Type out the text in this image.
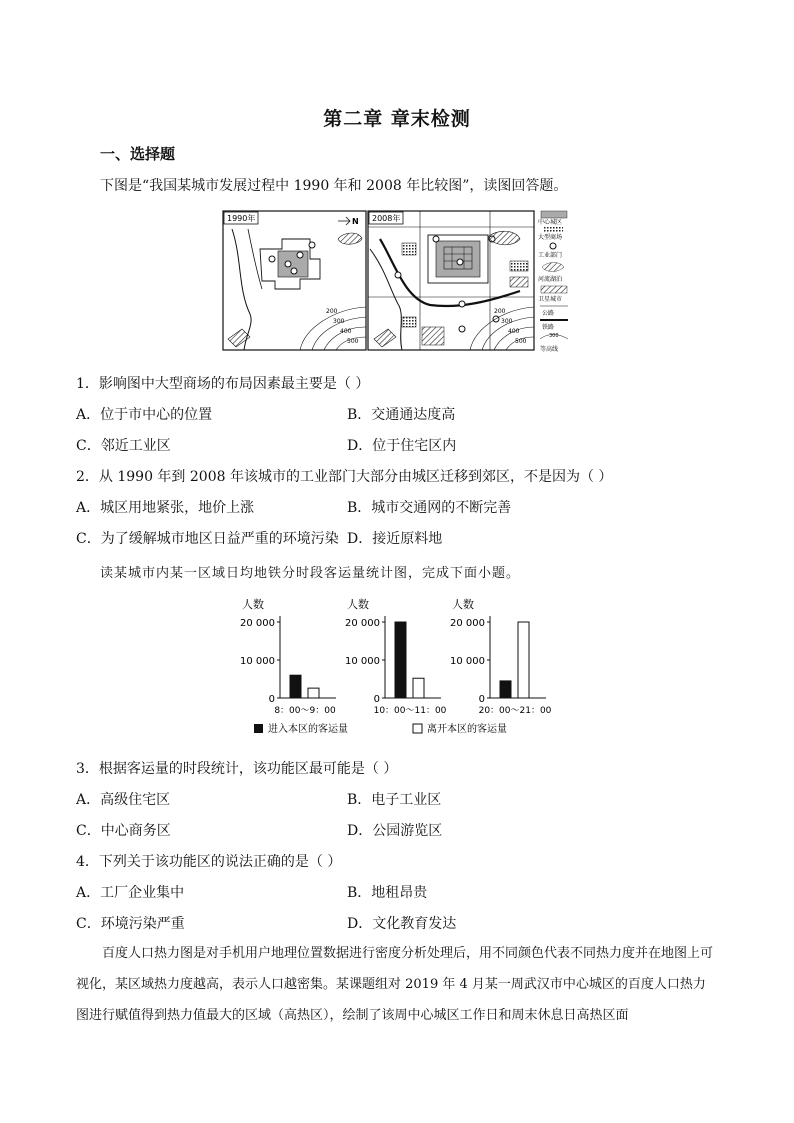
第二章 章末检测
一、选择题
下图是“我国某城市发展过程中 1990 年和 2008 年比较图”，读图回答题。
1990年	N
200
300
400
500
2008年
200
300
400
500
中心城区
大型商场
工业部门
河流湖泊
卫星城市
公路
铁路
300
等高线
1．影响图中大型商场的布局因素最主要是（ ）
A．位于市中心的位置	B．交通通达度高
C．邻近工业区	D．位于住宅区内
2．从 1990 年到 2008 年该城市的工业部门大部分由城区迁移到郊区，不是因为（ ）
A．城区用地紧张，地价上涨	B．城市交通网的不断完善
C．为了缓解城市地区日益严重的环境污染 D．接近原料地
读某城市内某一区域日均地铁分时段客运量统计图，完成下面小题。
人数
20 000
10 000
0
8：00～9：00
人数
20 000
10 000
0
10：00～11：00
人数
20 000
10 000
0
20：00～21：00
进入本区的客运量	离开本区的客运量
3．根据客运量的时段统计，该功能区最可能是（ ）
A．高级住宅区	B．电子工业区
C．中心商务区	D．公园游览区
4．下列关于该功能区的说法正确的是（ ）
A．工厂企业集中	B．地租昂贵
C．环境污染严重	D．文化教育发达
百度人口热力图是对手机用户地理位置数据进行密度分析处理后，用不同颜色代表不同热力度并在地图上可视化，某区域热力度越高，表示人口越密集。某课题组对 2019 年 4 月某一周武汉市中心城区的百度人口热力图进行赋值得到热力值最大的区域（高热区），绘制了该周中心城区工作日和周末休息日高热区面
